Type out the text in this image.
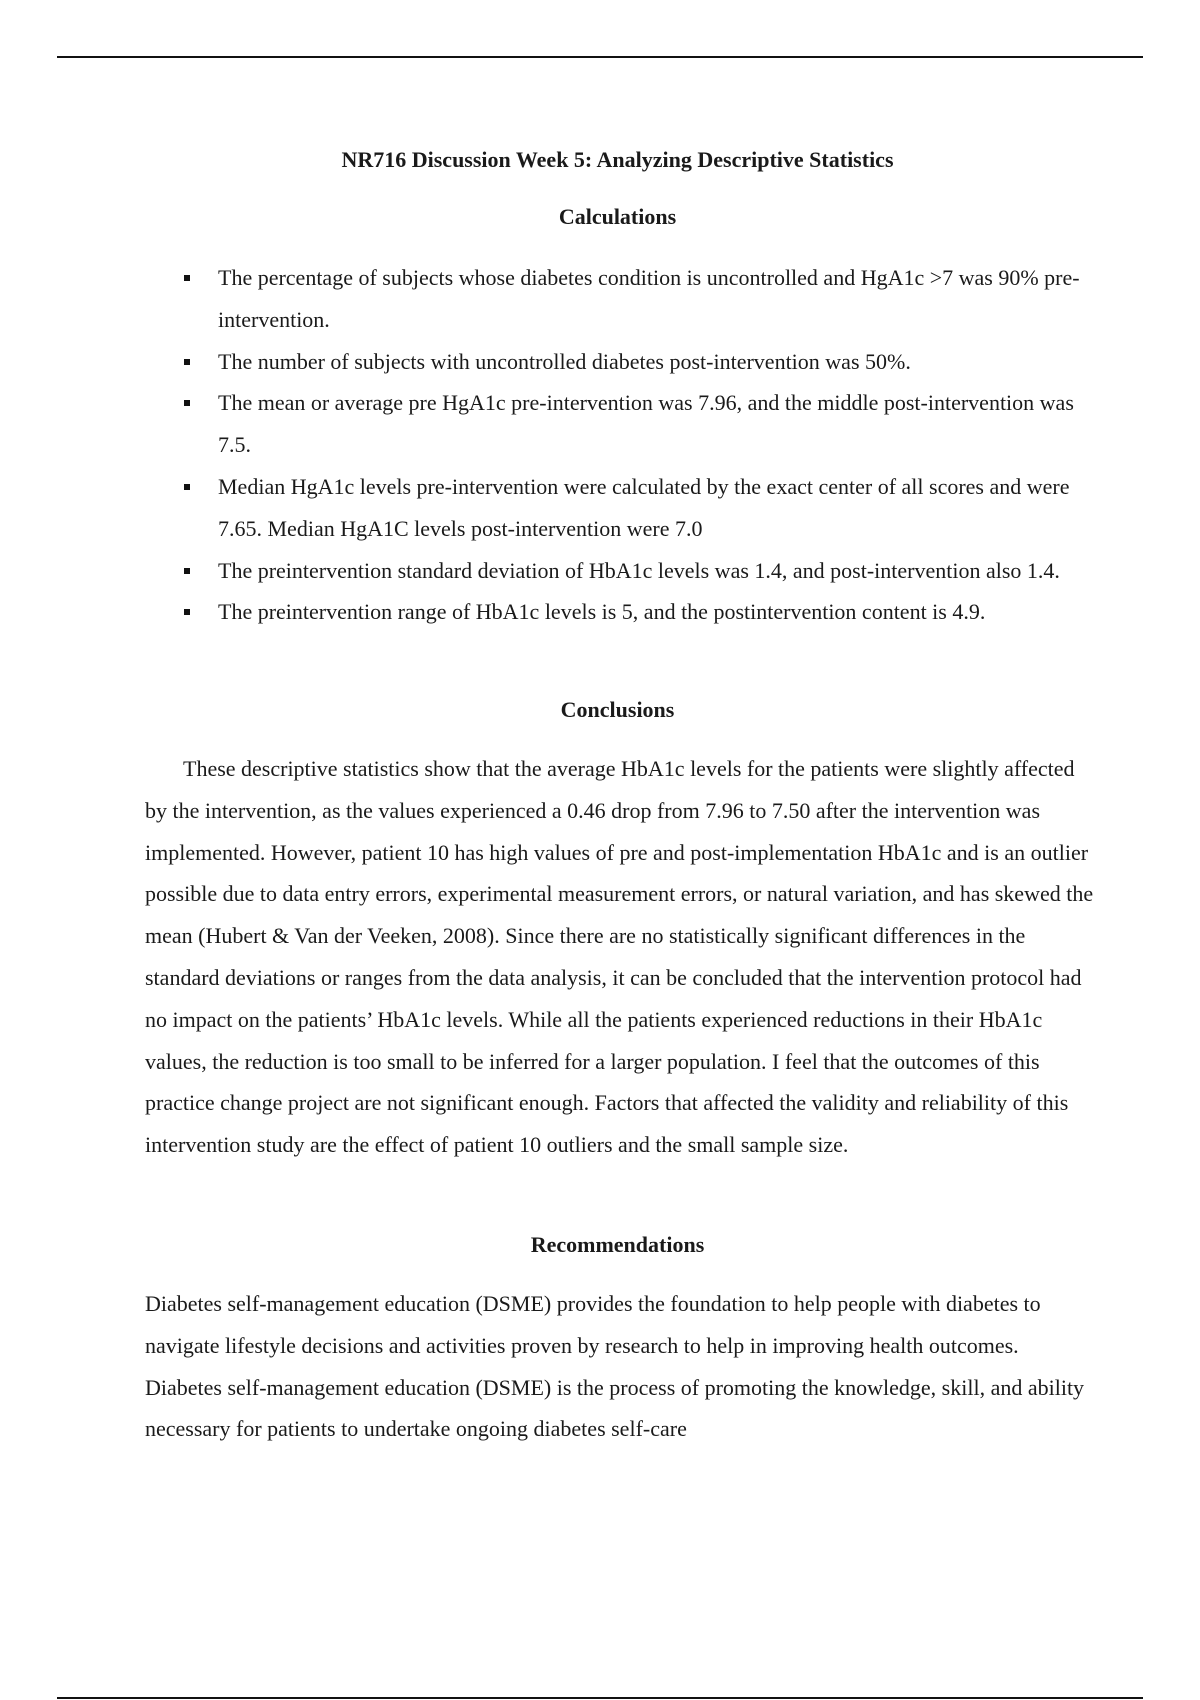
NR716 Discussion Week 5: Analyzing Descriptive Statistics
Calculations
The percentage of subjects whose diabetes condition is uncontrolled and HgA1c >7 was 90% pre-intervention.
The number of subjects with uncontrolled diabetes post-intervention was 50%.
The mean or average pre HgA1c pre-intervention was 7.96, and the middle post-intervention was 7.5.
Median HgA1c levels pre-intervention were calculated by the exact center of all scores and were 7.65. Median HgA1C levels post-intervention were 7.0
The preintervention standard deviation of HbA1c levels was 1.4, and post-intervention also 1.4.
The preintervention range of HbA1c levels is 5, and the postintervention content is 4.9.
Conclusions

These descriptive statistics show that the average HbA1c levels for the patients were slightly affected by the intervention, as the values experienced a 0.46 drop from 7.96 to 7.50 after the intervention was implemented. However, patient 10 has high values of pre and post-implementation HbA1c and is an outlier possible due to data entry errors, experimental measurement errors, or natural variation, and has skewed the mean (Hubert & Van der Veeken, 2008). Since there are no statistically significant differences in the standard deviations or ranges from the data analysis, it can be concluded that the intervention protocol had no impact on the patients’ HbA1c levels. While all the patients experienced reductions in their HbA1c values, the reduction is too small to be inferred for a larger population. I feel that the outcomes of this practice change project are not significant enough. Factors that affected the validity and reliability of this intervention study are the effect of patient 10 outliers and the small sample size.

Recommendations

Diabetes self-management education (DSME) provides the foundation to help people with diabetes to navigate lifestyle decisions and activities proven by research to help in improving health outcomes. Diabetes self-management education (DSME) is the process of promoting the knowledge, skill, and ability necessary for patients to undertake ongoing diabetes self-care
